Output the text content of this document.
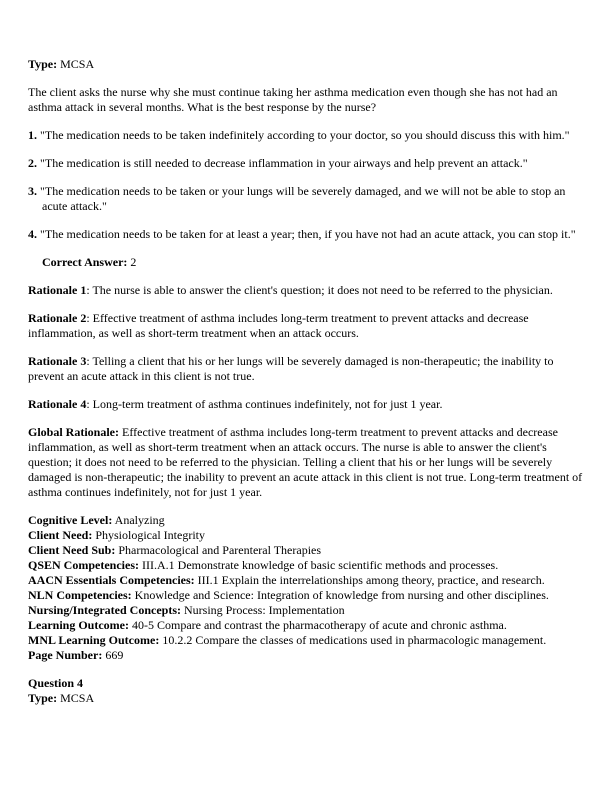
Type: MCSA

The client asks the nurse why she must continue taking her asthma medication even though she has not had an asthma attack in several months. What is the best response by the nurse?

1. "The medication needs to be taken indefinitely according to your doctor, so you should discuss this with him."

2. "The medication is still needed to decrease inflammation in your airways and help prevent an attack."

3. "The medication needs to be taken or your lungs will be severely damaged, and we will not be able to stop an acute attack."

4. "The medication needs to be taken for at least a year; then, if you have not had an acute attack, you can stop it."

Correct Answer: 2

Rationale 1: The nurse is able to answer the client's question; it does not need to be referred to the physician.

Rationale 2: Effective treatment of asthma includes long-term treatment to prevent attacks and decrease inflammation, as well as short-term treatment when an attack occurs.

Rationale 3: Telling a client that his or her lungs will be severely damaged is non-therapeutic; the inability to prevent an acute attack in this client is not true.

Rationale 4: Long-term treatment of asthma continues indefinitely, not for just 1 year.

Global Rationale: Effective treatment of asthma includes long-term treatment to prevent attacks and decrease inflammation, as well as short-term treatment when an attack occurs. The nurse is able to answer the client's question; it does not need to be referred to the physician. Telling a client that his or her lungs will be severely damaged is non-therapeutic; the inability to prevent an acute attack in this client is not true. Long-term treatment of asthma continues indefinitely, not for just 1 year.

Cognitive Level: Analyzing
Client Need: Physiological Integrity
Client Need Sub: Pharmacological and Parenteral Therapies
QSEN Competencies: III.A.1 Demonstrate knowledge of basic scientific methods and processes.
AACN Essentials Competencies: III.1 Explain the interrelationships among theory, practice, and research.
NLN Competencies: Knowledge and Science: Integration of knowledge from nursing and other disciplines.
Nursing/Integrated Concepts: Nursing Process: Implementation
Learning Outcome: 40-5 Compare and contrast the pharmacotherapy of acute and chronic asthma.
MNL Learning Outcome: 10.2.2 Compare the classes of medications used in pharmacologic management.
Page Number: 669
Question 4
Type: MCSA
